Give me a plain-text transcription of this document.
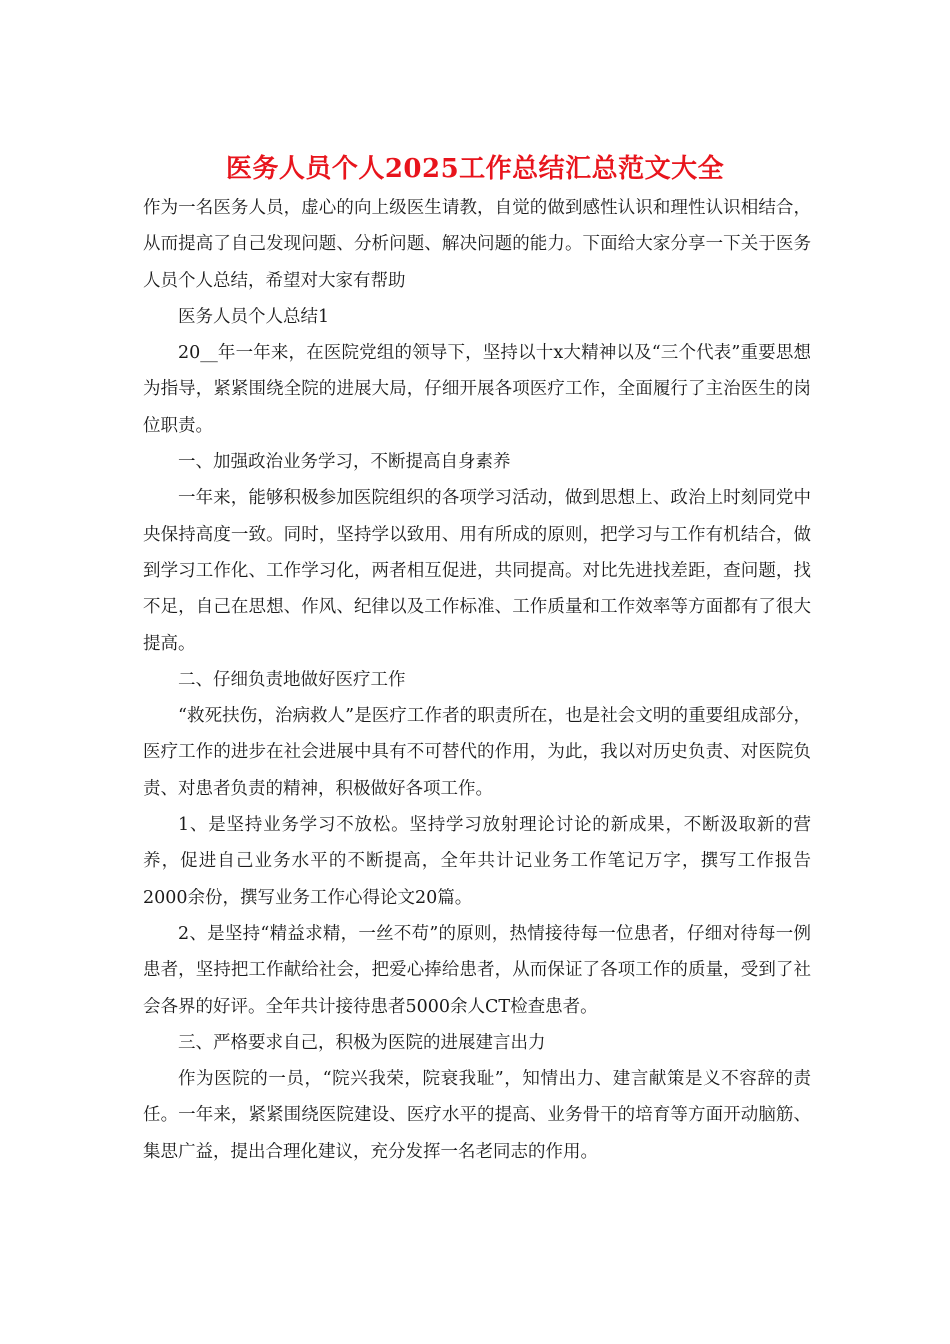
医务人员个人2025工作总结汇总范文大全

作为一名医务人员，虚心的向上级医生请教，自觉的做到感性认识和理性认识相结合，从而提高了自己发现问题、分析问题、解决问题的能力。下面给大家分享一下关于医务人员个人总结，希望对大家有帮助

医务人员个人总结1

20__年一年来，在医院党组的领导下，坚持以十x大精神以及“三个代表”重要思想为指导，紧紧围绕全院的进展大局，仔细开展各项医疗工作，全面履行了主治医生的岗位职责。

一、加强政治业务学习，不断提高自身素养

一年来，能够积极参加医院组织的各项学习活动，做到思想上、政治上时刻同党中央保持高度一致。同时，坚持学以致用、用有所成的原则，把学习与工作有机结合，做到学习工作化、工作学习化，两者相互促进，共同提高。对比先进找差距，查问题，找不足，自己在思想、作风、纪律以及工作标准、工作质量和工作效率等方面都有了很大提高。

二、仔细负责地做好医疗工作

“救死扶伤，治病救人”是医疗工作者的职责所在，也是社会文明的重要组成部分，医疗工作的进步在社会进展中具有不可替代的作用，为此，我以对历史负责、对医院负责、对患者负责的精神，积极做好各项工作。

1、是坚持业务学习不放松。坚持学习放射理论讨论的新成果，不断汲取新的营养，促进自己业务水平的不断提高，全年共计记业务工作笔记万字，撰写工作报告2000余份，撰写业务工作心得论文20篇。

2、是坚持“精益求精，一丝不苟”的原则，热情接待每一位患者，仔细对待每一例患者，坚持把工作献给社会，把爱心捧给患者，从而保证了各项工作的质量，受到了社会各界的好评。全年共计接待患者5000余人CT检查患者。

三、严格要求自己，积极为医院的进展建言出力

作为医院的一员，“院兴我荣，院衰我耻”，知情出力、建言献策是义不容辞的责任。一年来，紧紧围绕医院建设、医疗水平的提高、业务骨干的培育等方面开动脑筋、集思广益，提出合理化建议，充分发挥一名老同志的作用。
